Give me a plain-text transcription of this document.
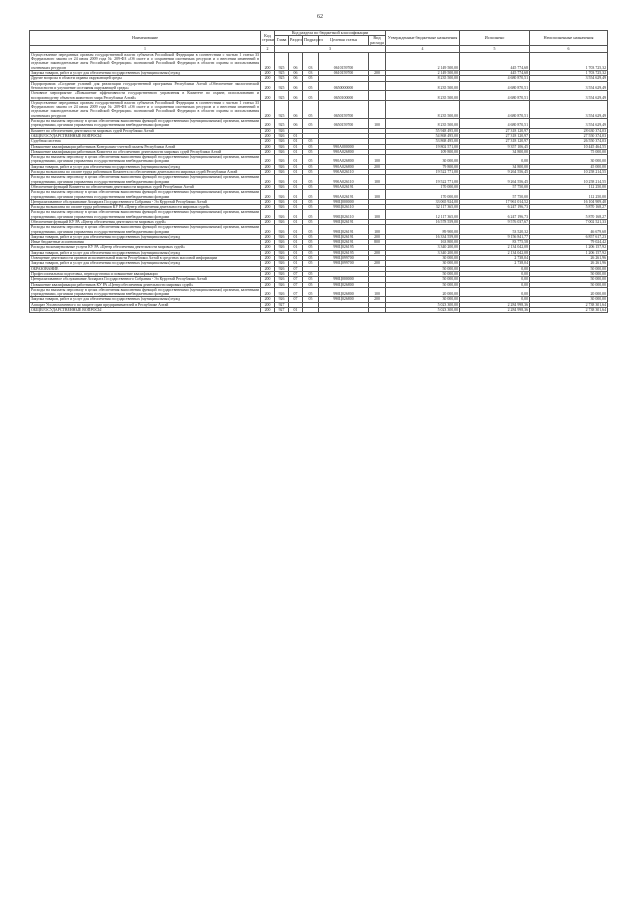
62
Наименование	Код строки	Код раздела по бюджетной классификации					Утвержденные бюджетные назначения	Исполнено	Неисполненные назначения
		Глава	Раздел	Подраздел	Целевая статья	Вид расхода			
1	2	3					4	5	6
Осуществление переданных органам государственной власти субъектов Российской Федерации в соответствии с частью 1 статьи 33 Федерального закона от 24 июля 2009 года № 209-ФЗ «Об охоте и о сохранении охотничьих ресурсов и о внесении изменений в отдельные законодательные акты Российской Федерации» полномочий Российской Федерации в области охраны и использования охотничьих ресурсов	200	925	06	03	0610159700		2 149 500,00	445 774,68	1 703 725,32
Закупка товаров, работ и услуг для обеспечения государственных (муниципальных) нужд	200	925	06	03	0610159700	200	2 149 500,00	445 774,68	1 703 725,32
Другие вопросы в области охраны окружающей среды	200	925	06	05			8 235 500,00	4 680 870,51	3 554 629,49
Подпрограмма «Создание условий для реализации государственной программы Республики Алтай «Обеспечение экологической безопасности и улучшение состояния окружающей среды»	200	925	06	05	0650000000		8 235 500,00	4 680 870,51	3 554 629,49
Основное мероприятие «Повышение эффективности государственного управления в Комитете по охране, использованию и воспроизводству объектов животного мира Республики Алтай»	200	925	06	05	0650100000		8 235 500,00	4 680 870,51	3 554 629,49
Осуществление переданных органам государственной власти субъектов Российской Федерации в соответствии с частью 1 статьи 33 Федерального закона от 24 июля 2009 года № 209-ФЗ «Об охоте и о сохранении охотничьих ресурсов и о внесении изменений в отдельные законодательные акты Российской Федерации» полномочий Российской Федерации в области охраны и использования охотничьих ресурсов	200	925	06	05	0650159700		8 235 500,00	4 680 870,51	3 554 629,49
Расходы на выплаты персоналу в целях обеспечения выполнения функций государственными (муниципальными) органами, казенными учреждениями, органами управления государственными внебюджетными фондами	200	925	06	05	0650159700	100	8 235 500,00	4 680 870,51	3 554 629,49
Комитет по обеспечению деятельности мировых судей Республики Алтай	200	926					55 948 495,00	27 318 120,97	28 630 374,03
ОБЩЕГОСУДАРСТВЕННЫЕ ВОПРОСЫ	200	926	01				54 868 495,00	27 318 120,97	27 550 374,03
Судебная система	200	926	01	05			53 868 495,00	27 318 120,97	26 550 374,03
Повышение квалификации работников Контрольно-счетной палаты Республики Алтай	200	926	01	05	990А000000		19 802 571,00	9 357 106,45	10 445 464,55
Повышение квалификации работников Комитета по обеспечению деятельности мировых судей Республики Алтай	200	926	01	05	990А026800		109 800,00	34 800,00	75 000,00
Расходы на выплаты персоналу в целях обеспечения выполнения функций государственными (муниципальными) органами, казенными учреждениями, органами управления государственными внебюджетными фондами	200	926	01	05	990А026800	100	30 000,00	0,00	30 000,00
Закупка товаров, работ и услуг для обеспечения государственных (муниципальных) нужд	200	926	01	05	990А026800	200	79 800,00	34 800,00	45 000,00
Расходы на выплаты по оплате труда работников Комитета по обеспечению деятельности мировых судей Республики Алтай	200	926	01	05	990А026110		19 522 771,00	9 264 556,45	10 258 214,55
Расходы на выплаты персоналу в целях обеспечения выполнения функций государственными (муниципальными) органами, казенными учреждениями, органами управления государственными внебюджетными фондами	200	926	01	05	990А026110	100	19 522 771,00	9 264 556,45	10 258 214,55
Обеспечение функций Комитета по обеспечению деятельности мировых судей Республики Алтай	200	926	01	05	990А026191		170 000,00	57 750,00	112 250,00
Расходы на выплаты персоналу в целях обеспечения выполнения функций государственными (муниципальными) органами, казенными учреждениями, органами управления государственными внебюджетными фондами	200	926	01	05	990А026191	100	170 000,00	57 750,00	112 250,00
Централизованное обслуживание Аппарата Государственного Собрания - Эл Курултай Республики Алтай	200	926	01	05	990Ц000000		33 065 924,00	17 961 014,52	16 104 909,48
Расходы на выплаты по оплате труда работников КУ РА «Центр обеспечения деятельности мировых судей»	200	926	01	05	990Ц026110		32 117 365,00	6 247 196,73	5 870 168,27
Расходы на выплаты персоналу в целях обеспечения выполнения функций государственными (муниципальными) органами, казенными учреждениями, органами управления государственными внебюджетными фондами	200	926	01	05	990Ц026110	100	12 117 365,00	6 247 196,73	5 870 168,27
Обеспечение функций КУ РА «Центр обеспечения деятельности мировых судей»	200	926	01	05	990Ц026191		16 578 559,00	9 576 037,67	7 002 521,33
Расходы на выплаты персоналу в целях обеспечения выполнения функций государственными (муниципальными) органами, казенными учреждениями, органами управления государственными внебюджетными фондами	200	926	01	05	990Ц026191	100	89 900,00	53 520,32	46 679,68
Закупка товаров, работ и услуг для обеспечения государственных (муниципальных) нужд	200	926	01	05	990Ц026191	200	16 334 559,00	9 156 841,77	6 857 617,23
Иные бюджетные ассигнования	200	926	01	05	990Ц026191	800	163 800,00	83 775,58	79 024,42
Расходы на коммунальные услуги КУ РА «Центр обеспечения деятельности мировых судей»	200	926	01	05	990Ц026195		3 340 200,00	2 134 042,08	1 206 157,92
Закупка товаров, работ и услуг для обеспечения государственных (муниципальных) нужд	200	926	01	05	990Ц026195	200	3 340 200,00	2 134 042,08	1 206 157,92
Освещение деятельности органов исполнительной власти Республики Алтай в средствах массовой информации	200	926	01	05	990Ц099700		30 000,00	2 738,04	26 261,96
Закупка товаров, работ и услуг для обеспечения государственных (муниципальных) нужд	200	926	01	05	990Ц099700	200	30 000,00	2 738,04	26 261,96
ОБРАЗОВАНИЕ	200	926	07				50 000,00	0,00	50 000,00
Профессиональная подготовка, переподготовка и повышение квалификации	200	926	07	05			50 000,00	0,00	50 000,00
Централизованное обслуживание Аппарата Государственного Собрания - Эл Курултай Республики Алтай	200	926	07	05	990Ц000000		50 000,00	0,00	50 000,00
Повышение квалификации работников КУ РА «Центр обеспечения деятельности мировых судей»	200	926	07	05	990Ц026800		50 000,00	0,00	50 000,00
Расходы на выплаты персоналу в целях обеспечения выполнения функций государственными (муниципальными) органами, казенными учреждениями, органами управления государственными внебюджетными фондами	200	926	07	05	990Ц026800	100	20 000,00	0,00	20 000,00
Закупка товаров, работ и услуг для обеспечения государственных (муниципальных) нужд	200	926	07	05	990Ц026800	200	30 000,00	0,00	30 000,00
Аппарат Уполномоченного по защите прав предпринимателей в Республике Алтай	200	927					5 023 300,00	2 284 998,36	2 738 301,64
ОБЩЕГОСУДАРСТВЕННЫЕ ВОПРОСЫ	200	927	01				5 023 300,00	2 284 998,36	2 738 301,64
